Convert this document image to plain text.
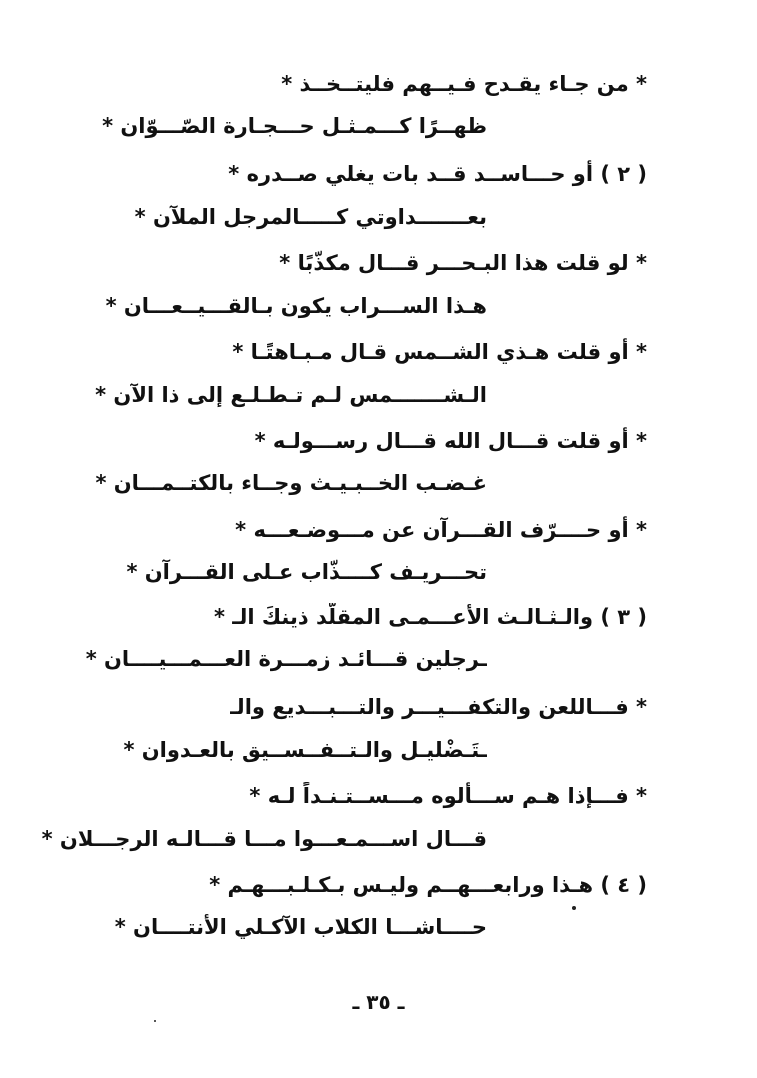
* من جـاء يقـدح فـيــهم فليتــخــذ *
ظهــرًا كـــمـثـل حـــجـارة الصّـــوّان *
( ٢ ) أو حـــاســد قــد بات يغلي صــدره *
بعـــــــداوتي كـــــالمرجل الملآن *
* لو قلت هذا البـحـــر قـــال مكذّبًا *
هـذا الســـراب يكون بـالقـــيــعـــان *
* أو قلت هـذي الشــمس قـال مـبـاهتًـا *
الـشـــــــمس لـم تـطـلـع إلى ذا الآن *
* أو قلت قـــال الله قـــال رســـولـه *
غـضـب الخــبـيـث وجــاء بالكتــمـــان *
* أو حــــرّف القـــرآن عن مـــوضـعـــه *
تحـــريـف كــــذّاب عـلى القـــرآن *
( ٣ ) والـثـالـث الأعـــمـى المقلّد ذينكَ الـ *
ـرجلين قـــائـد زمـــرة العـــمـــيــــان *
* فـــاللعن والتكفـــيـــر والتـــبـــديع والـ
ـتَـضْليـل والـتــفــســيق بالعـدوان *
* فـــإذا هـم ســـألوه مـــســتـنـداً لـه *
قـــال اســـمـعـــوا مـــا قـــالـه الرجـــلان *
( ٤ ) هـذا ورابعـــهــم وليـس بـكـلـبـــهـم *
حــــاشـــا الكلاب الآكـلي الأنتــــان *
ـ ٣٥ ـ
